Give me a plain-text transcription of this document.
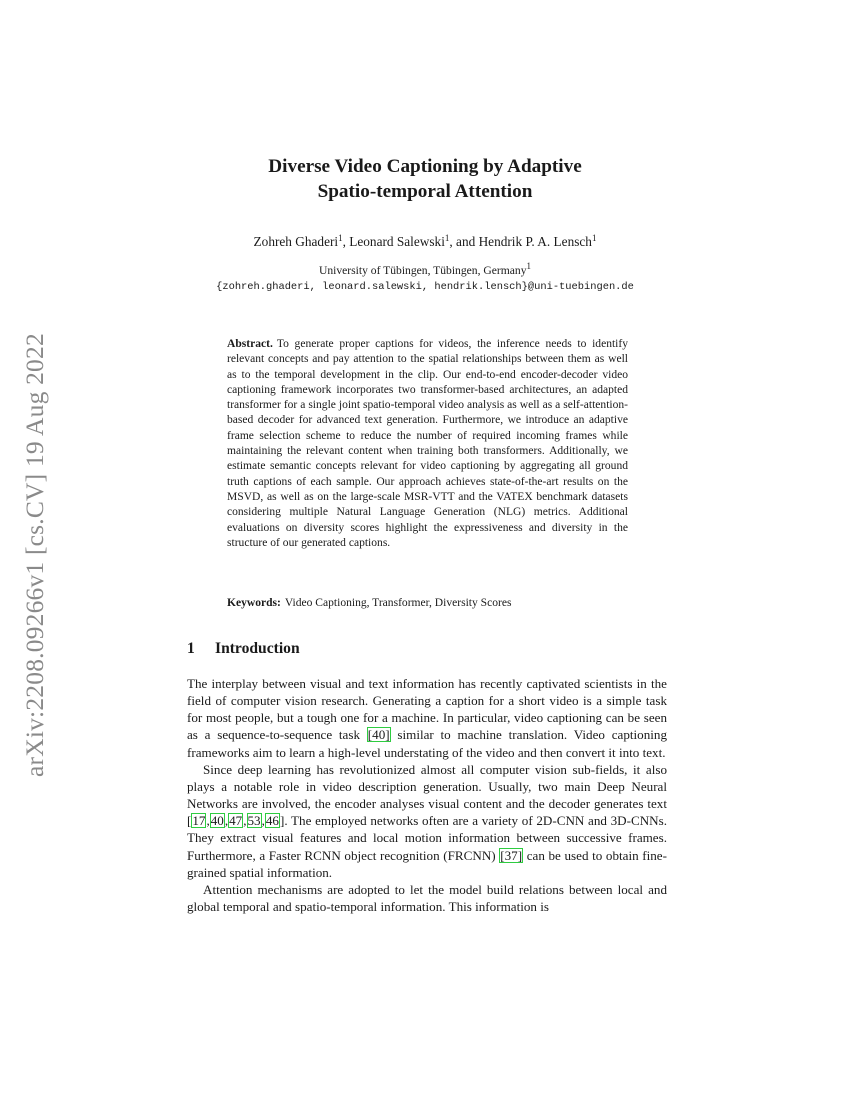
arXiv:2208.09266v1 [cs.CV] 19 Aug 2022
Diverse Video Captioning by Adaptive
Spatio-temporal Attention
Zohreh Ghaderi$^1$, Leonard Salewski$^1$, and Hendrik P. A. Lensch$^1$
University of Tübingen, Tübingen, Germany$^1$
{zohreh.ghaderi, leonard.salewski, hendrik.lensch}@uni-tuebingen.de
Abstract. To generate proper captions for videos, the inference needs to identify relevant concepts and pay attention to the spatial relationships between them as well as to the temporal development in the clip. Our end-to-end encoder-decoder video captioning framework incorporates two transformer-based architectures, an adapted transformer for a single joint spatio-temporal video analysis as well as a self-attention-based decoder for advanced text generation. Furthermore, we introduce an adaptive frame selection scheme to reduce the number of required incoming frames while maintaining the relevant content when training both transformers. Additionally, we estimate semantic concepts relevant for video captioning by aggregating all ground truth captions of each sample. Our approach achieves state-of-the-art results on the MSVD, as well as on the large-scale MSR-VTT and the VATEX benchmark datasets considering multiple Natural Language Generation (NLG) metrics. Additional evaluations on diversity scores highlight the expressiveness and diversity in the structure of our generated captions.
Keywords: Video Captioning, Transformer, Diversity Scores
1 Introduction

The interplay between visual and text information has recently captivated scientists in the field of computer vision research. Generating a caption for a short video is a simple task for most people, but a tough one for a machine. In particular, video captioning can be seen as a sequence-to-sequence task [40] similar to machine translation. Video captioning frameworks aim to learn a high-level understating of the video and then convert it into text.

Since deep learning has revolutionized almost all computer vision sub-fields, it also plays a notable role in video description generation. Usually, two main Deep Neural Networks are involved, the encoder analyses visual content and the decoder generates text [17,40,47,53,46]. The employed networks often are a variety of 2D-CNN and 3D-CNNs. They extract visual features and local motion information between successive frames. Furthermore, a Faster RCNN object recognition (FRCNN) [37] can be used to obtain fine-grained spatial information.

Attention mechanisms are adopted to let the model build relations between local and global temporal and spatio-temporal information. This information is
